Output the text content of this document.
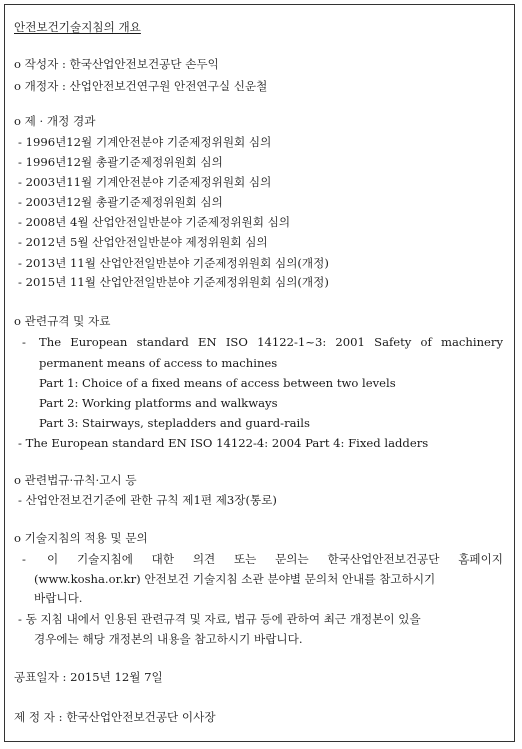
안전보건기술지침의 개요
o 작성자 : 한국산업안전보건공단 손두익
o 개정자 : 산업안전보건연구원 안전연구실 신운철
o 제 · 개정 경과
- 1996년12월 기계안전분야 기준제정위원회 심의
- 1996년12월 총괄기준제정위원회 심의
- 2003년11월 기계안전분야 기준제정위원회 심의
- 2003년12월 총괄기준제정위원회 심의
- 2008년 4월 산업안전일반분야 기준제정위원회 심의
- 2012년 5월 산업안전일반분야 제정위원회 심의
- 2013년 11월 산업안전일반분야 기준제정위원회 심의(개정)
- 2015년 11월 산업안전일반분야 기준제정위원회 심의(개정)
o 관련규격 및 자료
- The European standard EN ISO 14122-1~3: 2001 Safety of machinery
permanent means of access to machines
Part 1: Choice of a fixed means of access between two levels
Part 2: Working platforms and walkways
Part 3: Stairways, stepladders and guard-rails
- The European standard EN ISO 14122-4: 2004 Part 4: Fixed ladders
o 관련법규·규칙·고시 등
- 산업안전보건기준에 관한 규칙 제1편 제3장(통로)
o 기술지침의 적용 및 문의
- 이 기술지침에 대한 의견 또는 문의는 한국산업안전보건공단 홈페이지
(www.kosha.or.kr) 안전보건 기술지침 소관 분야별 문의처 안내를 참고하시기
바랍니다.
- 동 지침 내에서 인용된 관련규격 및 자료, 법규 등에 관하여 최근 개정본이 있을
경우에는 해당 개정본의 내용을 참고하시기 바랍니다.
공표일자 : 2015년 12월 7일
제 정 자 : 한국산업안전보건공단 이사장
